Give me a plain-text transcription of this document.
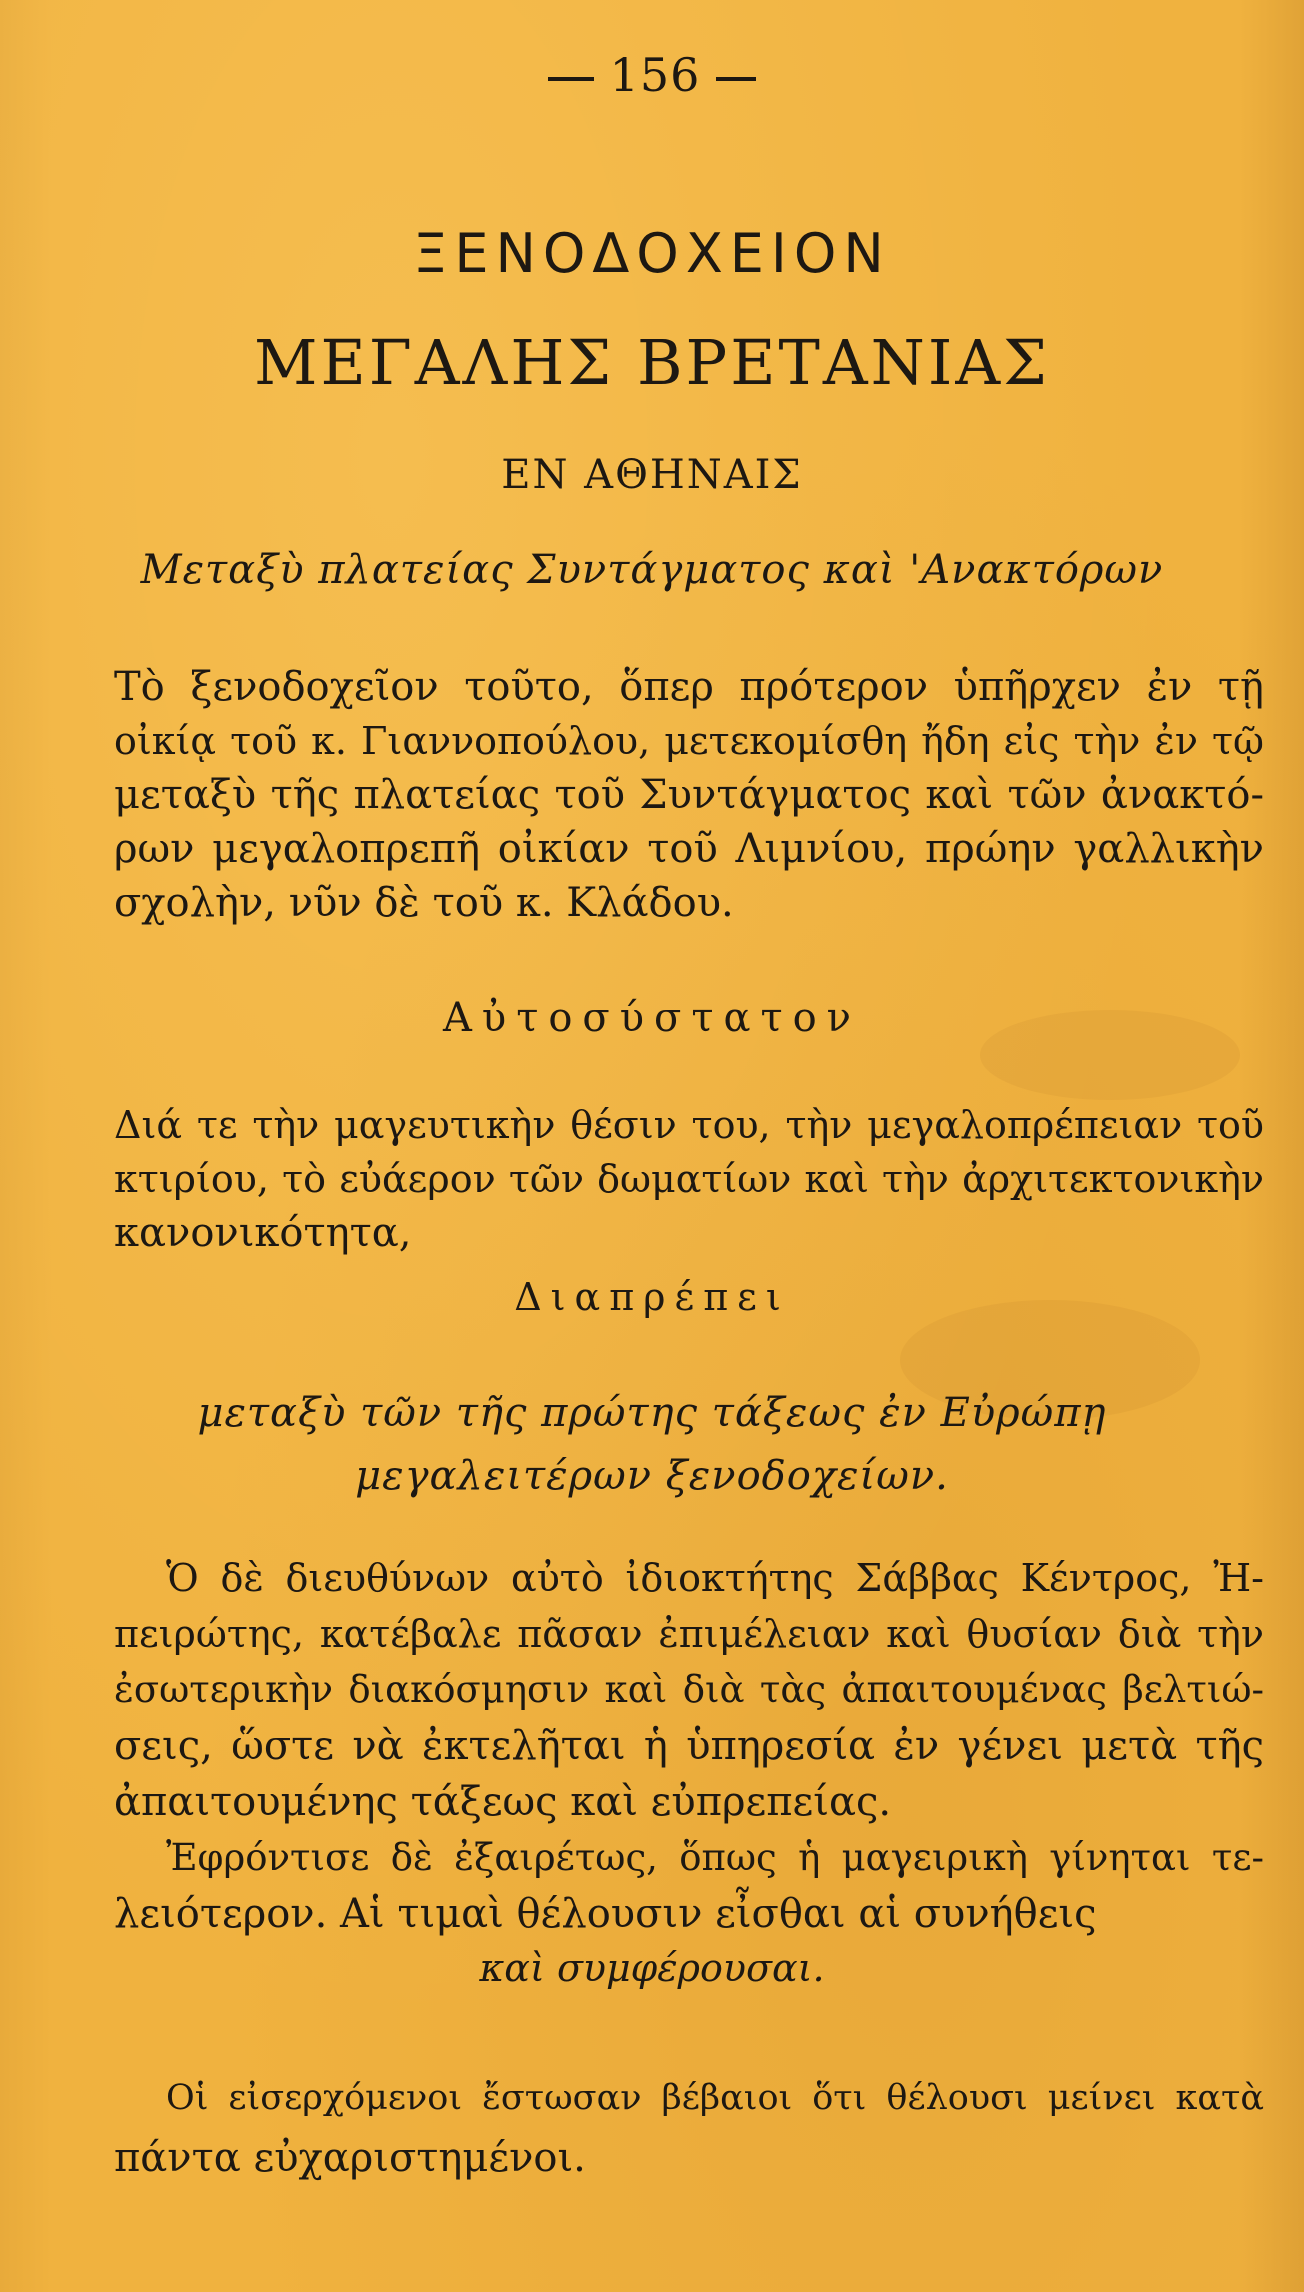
156
ΞΕΝΟΔΟΧΕΙΟΝ
ΜΕΓΑΛΗΣ ΒΡΕΤΑΝΙΑΣ
ΕΝ ΑΘΗΝΑΙΣ
Μεταξὺ πλατείας Συντάγματος καὶ 'Ανακτόρων
Τὸ ξενοδοχεῖον τοῦτο, ὅπερ πρότερον ὑπῆρχεν ἐν τῇ
οἰκίᾳ τοῦ κ. Γιαννοπούλου, μετεκομίσθη ἤδη εἰς τὴν ἐν τῷ
μεταξὺ τῆς πλατείας τοῦ Συντάγματος καὶ τῶν ἀνακτό-
ρων μεγαλοπρεπῆ οἰκίαν τοῦ Λιμνίου, πρώην γαλλικὴν
σχολὴν, νῦν δὲ τοῦ κ. Κλάδου.
Αὐτοσύστατον
Διά τε τὴν μαγευτικὴν θέσιν του, τὴν μεγαλοπρέπειαν τοῦ
κτιρίου, τὸ εὐάερον τῶν δωματίων καὶ τὴν ἀρχιτεκτονικὴν
κανονικότητα,
Διαπρέπει
μεταξὺ τῶν τῆς πρώτης τάξεως ἐν Εὐρώπῃ
μεγαλειτέρων ξενοδοχείων.
Ὁ δὲ διευθύνων αὐτὸ ἰδιοκτήτης Σάββας Κέντρος, Ἠ-
πειρώτης, κατέβαλε πᾶσαν ἐπιμέλειαν καὶ θυσίαν διὰ τὴν
ἐσωτερικὴν διακόσμησιν καὶ διὰ τὰς ἀπαιτουμένας βελτιώ-
σεις, ὥστε νὰ ἐκτελῆται ἡ ὑπηρεσία ἐν γένει μετὰ τῆς
ἀπαιτουμένης τάξεως καὶ εὐπρεπείας.
Ἐφρόντισε δὲ ἐξαιρέτως, ὅπως ἡ μαγειρικὴ γίνηται τε-
λειότερον. Αἱ τιμαὶ θέλουσιν εἶσθαι αἱ συνήθεις
καὶ συμφέρουσαι.
Οἱ εἰσερχόμενοι ἔστωσαν βέβαιοι ὅτι θέλουσι μείνει κατὰ
πάντα εὐχαριστημένοι.
